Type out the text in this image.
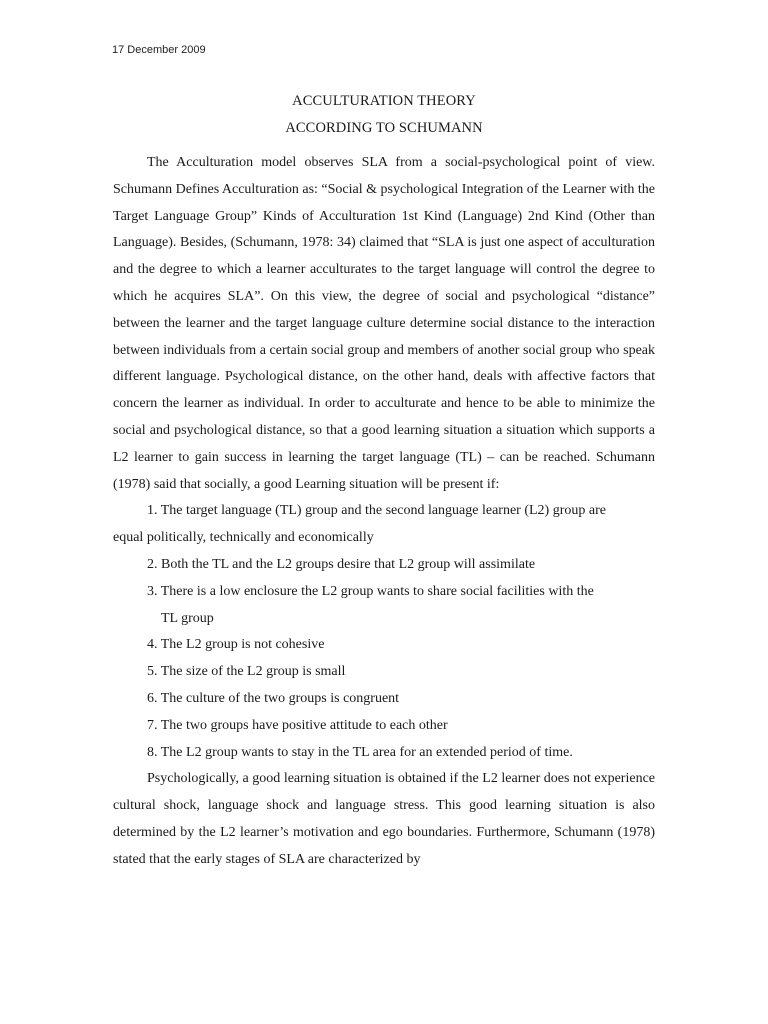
17 December 2009
ACCULTURATION THEORY
ACCORDING TO SCHUMANN

The Acculturation model observes SLA from a social-psychological point of view. Schumann Defines Acculturation as: “Social & psychological Integration of the Learner with the Target Language Group” Kinds of Acculturation 1st Kind (Language) 2nd Kind (Other than Language). Besides, (Schumann, 1978: 34) claimed that “SLA is just one aspect of acculturation and the degree to which a learner acculturates to the target language will control the degree to which he acquires SLA”. On this view, the degree of social and psychological “distance” between the learner and the target language culture determine social distance to the interaction between individuals from a certain social group and members of another social group who speak different language. Psychological distance, on the other hand, deals with affective factors that concern the learner as individual. In order to acculturate and hence to be able to minimize the social and psychological distance, so that a good learning situation a situation which supports a L2 learner to gain success in learning the target language (TL) – can be reached. Schumann (1978) said that socially, a good Learning situation will be present if:

1. The target language (TL) group and the second language learner (L2) group are
equal politically, technically and economically
2. Both the TL and the L2 groups desire that L2 group will assimilate
3. There is a low enclosure the L2 group wants to share social facilities with the
TL group
4. The L2 group is not cohesive
5. The size of the L2 group is small
6. The culture of the two groups is congruent
7. The two groups have positive attitude to each other
8. The L2 group wants to stay in the TL area for an extended period of time.

Psychologically, a good learning situation is obtained if the L2 learner does not experience cultural shock, language shock and language stress. This good learning situation is also determined by the L2 learner’s motivation and ego boundaries. Furthermore, Schumann (1978) stated that the early stages of SLA are characterized by
